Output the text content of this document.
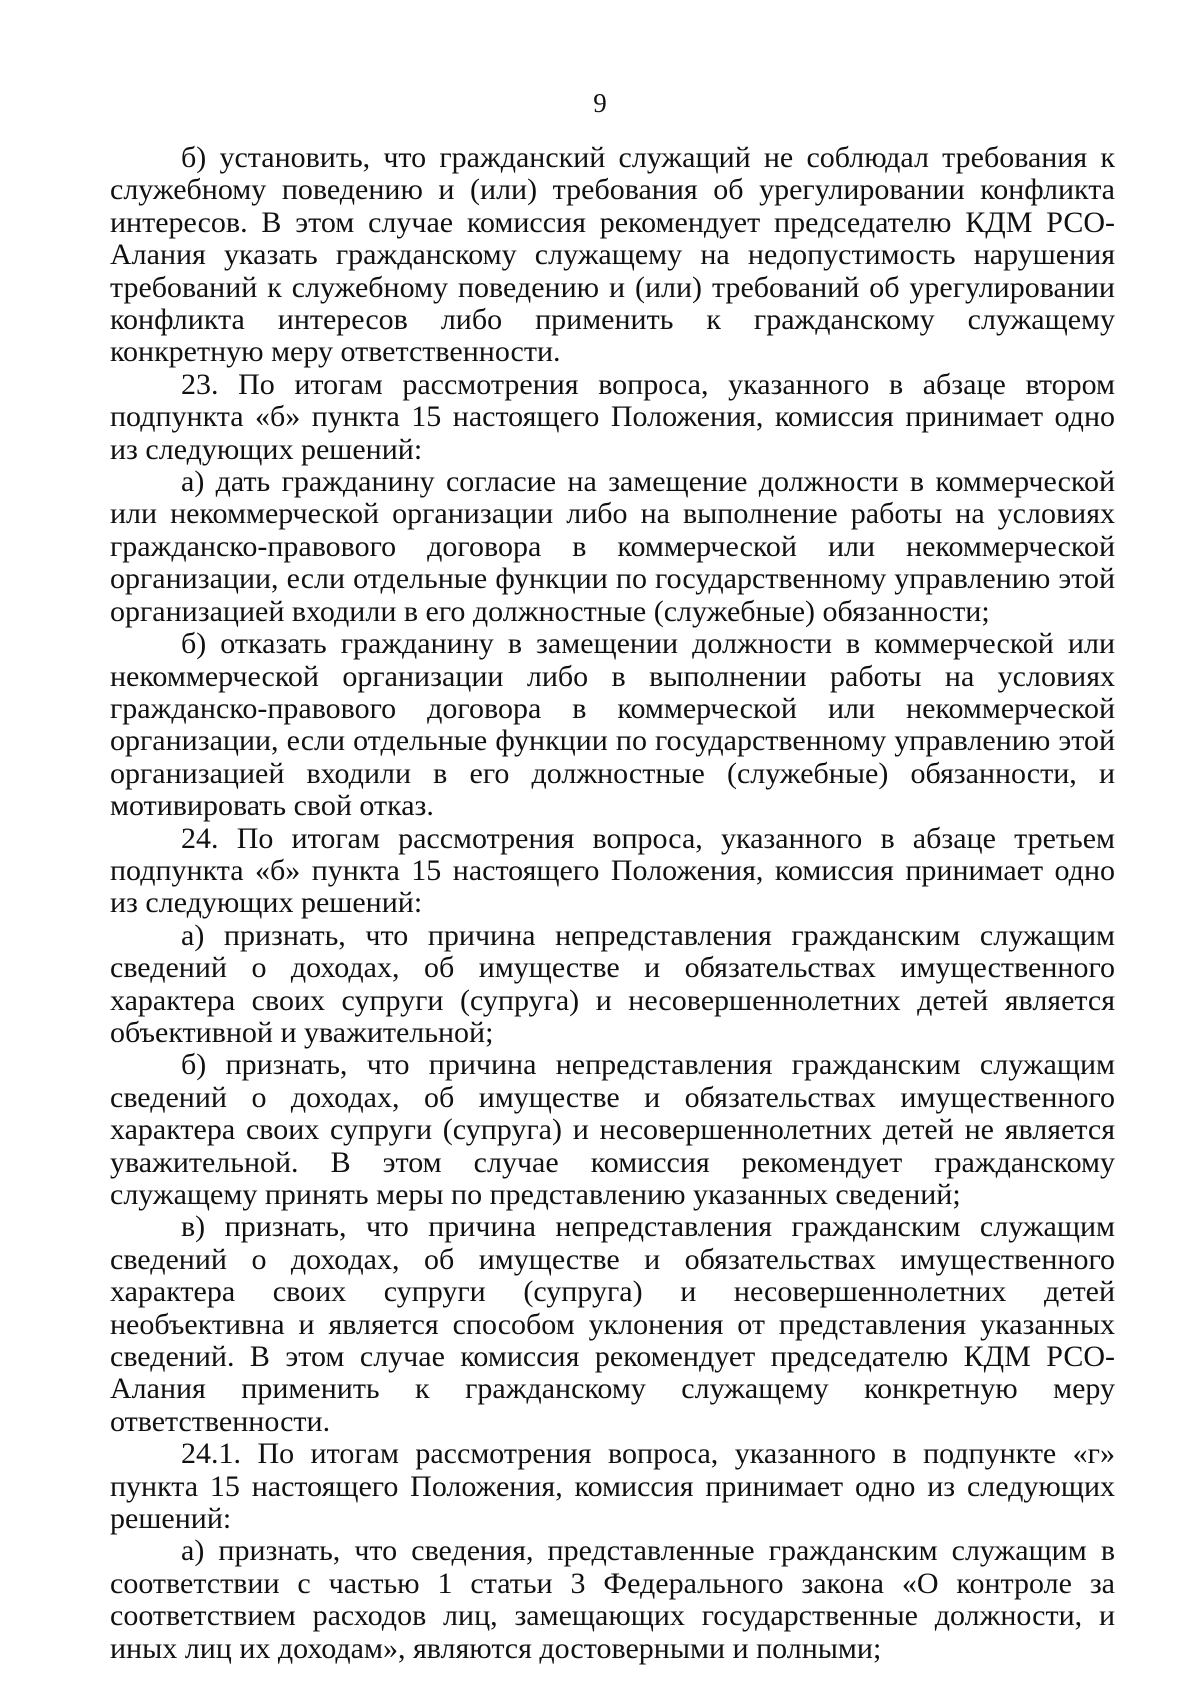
9

б) установить, что гражданский служащий не соблюдал требования к служебному поведению и (или) требования об урегулировании конфликта интересов. В этом случае комиссия рекомендует председателю КДМ РСО-Алания указать гражданскому служащему на недопустимость нарушения требований к служебному поведению и (или) требований об урегулировании конфликта интересов либо применить к гражданскому служащему конкретную меру ответственности.

23. По итогам рассмотрения вопроса, указанного в абзаце втором подпункта «б» пункта 15 настоящего Положения, комиссия принимает одно из следующих решений:

а) дать гражданину согласие на замещение должности в коммерческой или некоммерческой организации либо на выполнение работы на условиях гражданско-правового договора в коммерческой или некоммерческой организации, если отдельные функции по государственному управлению этой организацией входили в его должностные (служебные) обязанности;

б) отказать гражданину в замещении должности в коммерческой или некоммерческой организации либо в выполнении работы на условиях гражданско-правового договора в коммерческой или некоммерческой организации, если отдельные функции по государственному управлению этой организацией входили в его должностные (служебные) обязанности, и мотивировать свой отказ.

24. По итогам рассмотрения вопроса, указанного в абзаце третьем подпункта «б» пункта 15 настоящего Положения, комиссия принимает одно из следующих решений:

а) признать, что причина непредставления гражданским служащим сведений о доходах, об имуществе и обязательствах имущественного характера своих супруги (супруга) и несовершеннолетних детей является объективной и уважительной;

б) признать, что причина непредставления гражданским служащим сведений о доходах, об имуществе и обязательствах имущественного характера своих супруги (супруга) и несовершеннолетних детей не является уважительной. В этом случае комиссия рекомендует гражданскому служащему принять меры по представлению указанных сведений;

в) признать, что причина непредставления гражданским служащим сведений о доходах, об имуществе и обязательствах имущественного характера своих супруги (супруга) и несовершеннолетних детей необъективна и является способом уклонения от представления указанных сведений. В этом случае комиссия рекомендует председателю КДМ РСО-Алания применить к гражданскому служащему конкретную меру ответственности.

24.1. По итогам рассмотрения вопроса, указанного в подпункте «г» пункта 15 настоящего Положения, комиссия принимает одно из следующих решений:

а) признать, что сведения, представленные гражданским служащим в соответствии с частью 1 статьи 3 Федерального закона «О контроле за соответствием расходов лиц, замещающих государственные должности, и иных лиц их доходам», являются достоверными и полными;
